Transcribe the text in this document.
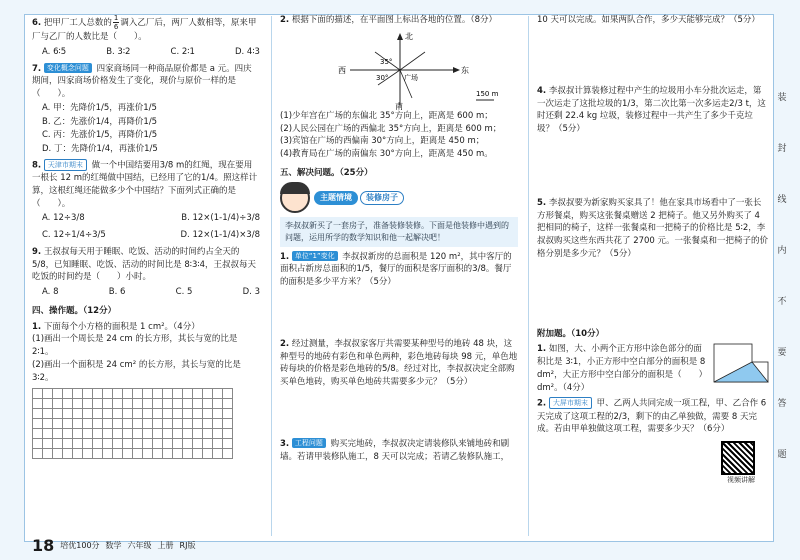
6. 把甲厂工人总数的 $\frac{1}{6}$ 调入乙厂后，两厂人数相等，原来甲厂与乙厂的人数比是（　　）。
A. 6∶5	B. 3∶2	C. 2∶1	D. 4∶3
7. 变化概念问题 四家商场同一种商品原价都是 a 元。四庆期间，四家商场价格发生了变化，现价与原价一样的是（　　）。
A. 甲：先降价1/5，再涨价1/5
B. 乙：先涨价1/4，再降价1/5
C. 丙：先涨价1/5，再降价1/5
D. 丁：先降价1/4，再涨价1/5
8. 天津市期末 做一个中国结要用3/8 m的红绳，现在要用一根长 12 m的红绳做中国结，已经用了它的1/4。照这样计算，这根红绳还能做多少个中国结？下面列式正确的是（　　）。
A. 12÷3/8	B. 12×(1-1/4)÷3/8
C. 12÷1/4÷3/5	D. 12×(1-1/4)×3/8
9. 王叔叔每天用于睡眠、吃饭、活动的时间约占全天的5/8，已知睡眠、吃饭、活动的时间比是 8∶3∶4，王叔叔每天吃饭的时间约是（　　）小时。
A. 8	B. 6	C. 5	D. 3
四、操作题。（12分）
1. 下面每个小方格的面积是 1 cm²。（4分）
(1)画出一个周长是 24 cm 的长方形，其长与宽的比是 2∶1。
(2)画出一个面积是 24 cm² 的长方形，其长与宽的比是 3∶2。
2. 根据下面的描述，在平面图上标出各地的位置。（8分）
北
东
西
南
广场
35°
30°
150 m
(1)少年宫在广场的东偏北 35°方向上，距离是 600 m；
(2)人民公园在广场的西偏北 35°方向上，距离是 600 m；
(3)宾馆在广场的西偏南 30°方向上，距离是 450 m；
(4)教育局在广场的南偏东 30°方向上，距离是 450 m。
五、解决问题。（25分）
主题情境	装修房子
李叔叔新买了一套房子，准备装修装修。下面是他装修中遇到的问题，运用所学的数学知识和他一起解决吧！
1. 单位“1”变化 李叔叔新房的总面积是 120 m²，其中客厅的面积占新房总面积的1/5，餐厅的面积是客厅面积的3/8。餐厅的面积是多少平方米？（5分）
2. 经过测量，李叔叔家客厅共需要某种型号的地砖 48 块，这种型号的地砖有彩色和单色两种，彩色地砖每块 98 元，单色地砖每块的价格是彩色地砖的5/8。经过对比，李叔叔决定全部购买单色地砖，购买单色地砖共需要多少元？（5分）
3. 工程问题 购买完地砖，李叔叔决定请装修队来铺地砖和刷墙。若请甲装修队施工，8 天可以完成；若请乙装修队施工，
10 天可以完成。如果两队合作，多少天能够完成？（5分）
4. 李叔叔计算装修过程中产生的垃圾用小车分批次运走，第一次运走了这批垃圾的1/3，第二次比第一次多运走2/3 t，这时还剩 22.4 kg 垃圾，装修过程中一共产生了多少千克垃圾？（5分）
5. 李叔叔要为新家购买家具了！他在家具市场看中了一张长方形餐桌，购买这张餐桌赠送 2 把椅子。他又另外购买了 4 把相同的椅子，这样一张餐桌和一把椅子的价格比是 5∶2，李叔叔购买这些东西共花了 2700 元。一张餐桌和一把椅子的价格分别是多少元？（5分）
附加题。（10分）
1. 如图，大、小两个正方形中涂色部分的面积比是 3∶1，小正方形中空白部分的面积是 8 dm²，大正方形中空白部分的面积是（　　）dm²。（4分）
2. 大屏市期末 甲、乙两人共同完成一项工程，甲、乙合作 6 天完成了这项工程的2/3，剩下的由乙单独做，需要 8 天完成。若由甲单独做这项工程，需要多少天？（6分）
视频讲解
18 培优100分 数学 六年级 上册 RJ版
装
封
线
内
不
要
答
题
